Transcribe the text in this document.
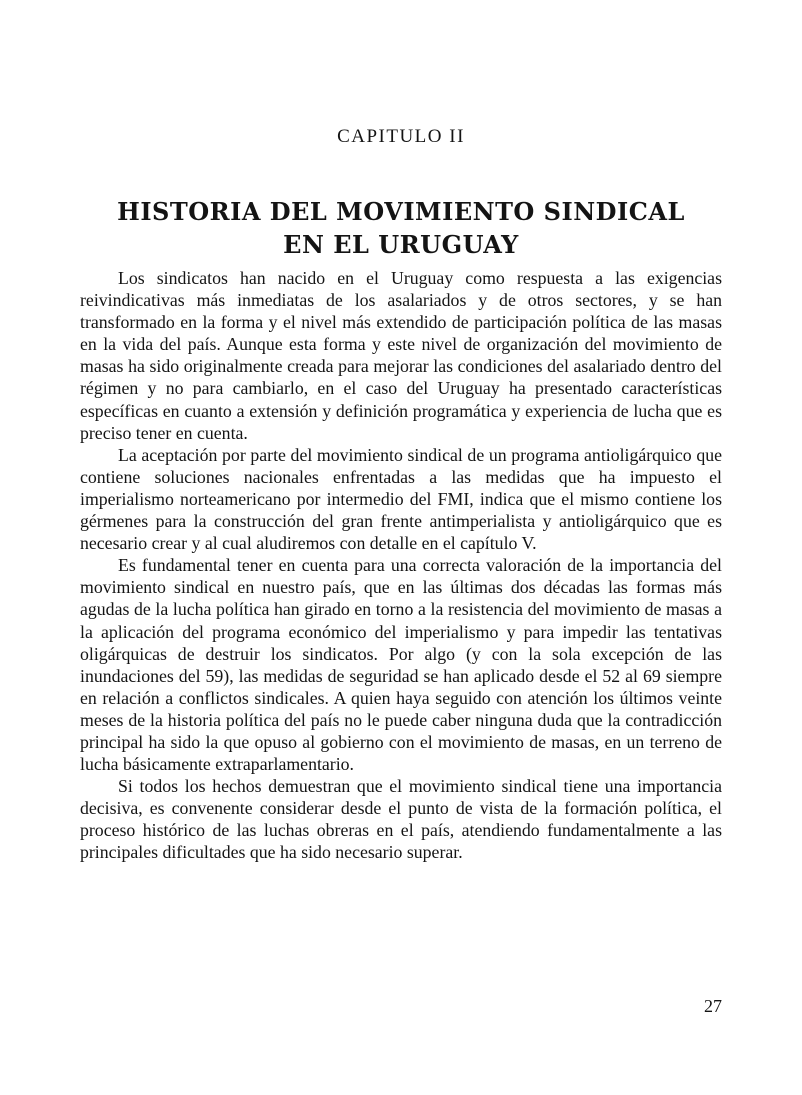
CAPITULO II
HISTORIA DEL MOVIMIENTO SINDICAL
EN EL URUGUAY

Los sindicatos han nacido en el Uruguay como respuesta a las exigencias reivindicativas más inmediatas de los asalariados y de otros sectores, y se han transformado en la forma y el nivel más extendido de participación política de las masas en la vida del país. Aunque esta forma y este nivel de organización del movimiento de masas ha sido originalmente creada para mejorar las condiciones del asalariado dentro del régimen y no para cambiarlo, en el caso del Uruguay ha presentado características específicas en cuanto a extensión y definición programática y experiencia de lucha que es preciso tener en cuenta.

La aceptación por parte del movimiento sindical de un programa antioligárquico que contiene soluciones nacionales enfrentadas a las medidas que ha impuesto el imperialismo norteamericano por intermedio del FMI, indica que el mismo contiene los gérmenes para la construcción del gran frente antimperialista y antioligárquico que es necesario crear y al cual aludiremos con detalle en el capítulo V.

Es fundamental tener en cuenta para una correcta valoración de la importancia del movimiento sindical en nuestro país, que en las últimas dos décadas las formas más agudas de la lucha política han girado en torno a la resistencia del movimiento de masas a la aplicación del programa económico del imperialismo y para impedir las tentativas oligárquicas de destruir los sindicatos. Por algo (y con la sola excepción de las inundaciones del 59), las medidas de seguridad se han aplicado desde el 52 al 69 siempre en relación a conflictos sindicales. A quien haya seguido con atención los últimos veinte meses de la historia política del país no le puede caber ninguna duda que la contradicción principal ha sido la que opuso al gobierno con el movimiento de masas, en un terreno de lucha básicamente extraparlamentario.

Si todos los hechos demuestran que el movimiento sindical tiene una importancia decisiva, es convenente considerar desde el punto de vista de la formación política, el proceso histórico de las luchas obreras en el país, atendiendo fundamentalmente a las principales dificultades que ha sido necesario superar.

27
